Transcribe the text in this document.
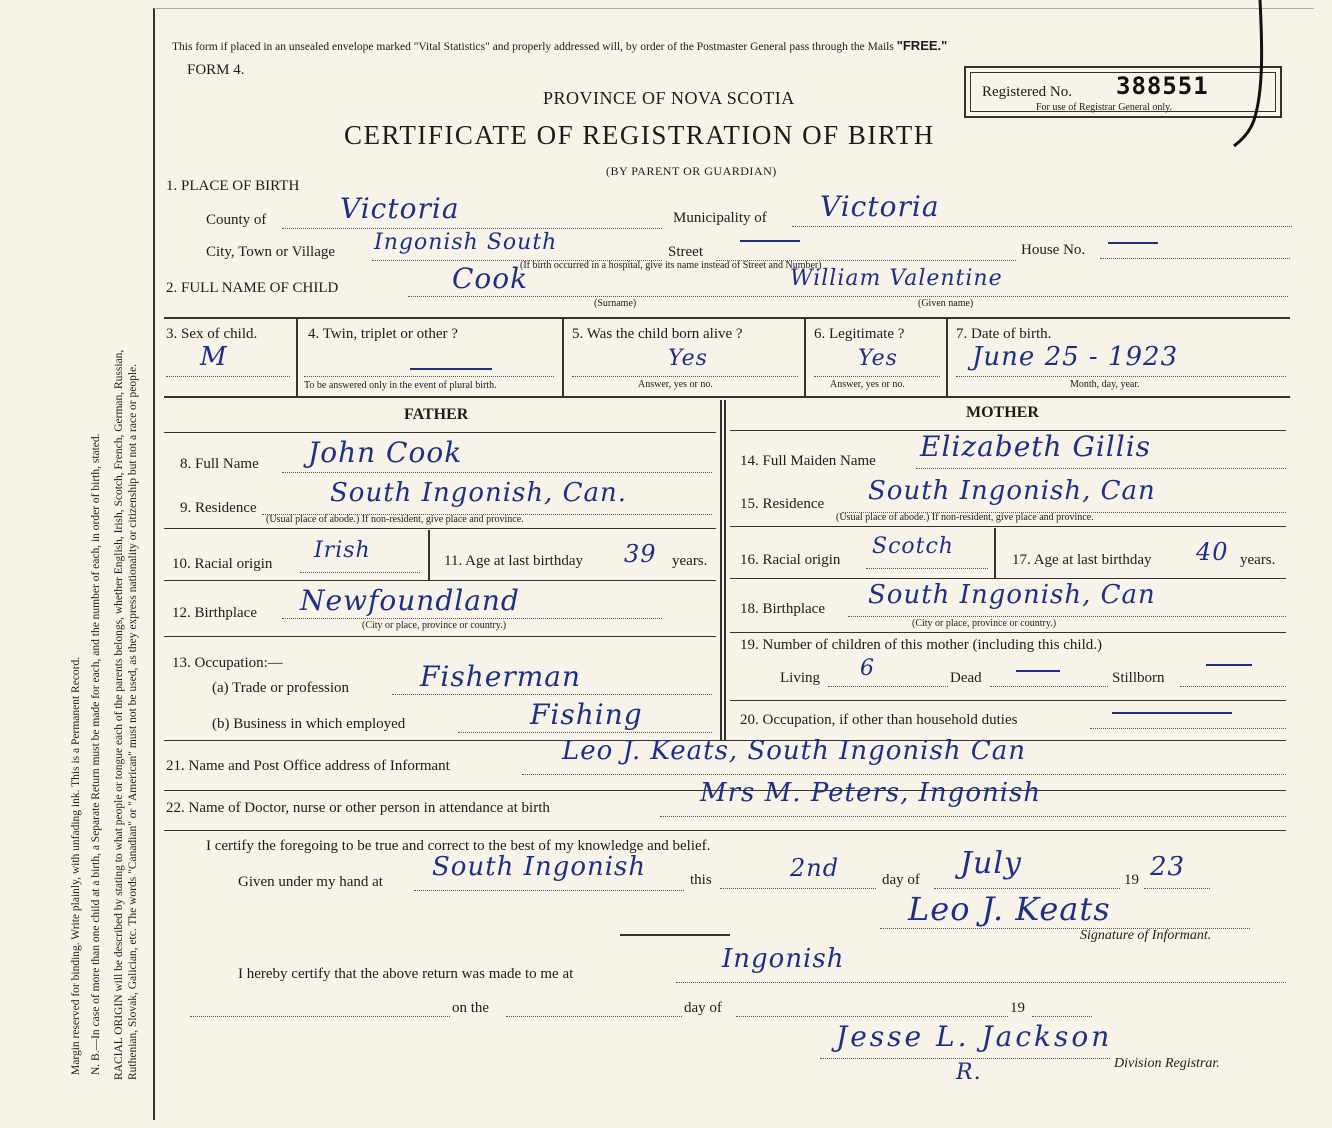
Margin reserved for binding. Write plainly, with unfading ink. This is a Permanent Record. N. B.—In case of more than one child at a birth, a Separate Return must be made for each, and the number of each, in order of birth, stated. RACIAL ORIGIN will be described by stating to what people or tongue each of the parents belongs, whether English, Irish, Scotch, French, German, Russian, Ruthenian, Slovak, Galician, etc. The words "Canadian" or "American" must not be used, as they express nationality or citizenship but not a race or people.
This form if placed in an unsealed envelope marked "Vital Statistics" and properly addressed will, by order of the Postmaster General pass through the Mails "FREE."
FORM 4.
PROVINCE OF NOVA SCOTIA
CERTIFICATE OF REGISTRATION OF BIRTH
(BY PARENT OR GUARDIAN)
Registered No. 388551
For use of Registrar General only.
1. PLACE OF BIRTH
County of	Victoria	Municipality of Victoria
City, Town or Village Ingonish South	Street	House No.
(If birth occurred in a hospital, give its name instead of Street and Number)
2. FULL NAME OF CHILD	Cook
(Surname)
William Valentine
(Given name)
3. Sex of child.
M
4. Twin, triplet or other ?
To be answered only in the event of plural birth.
5. Was the child born alive ?
Yes
Answer, yes or no.
6. Legitimate ?
Yes
Answer, yes or no.
7. Date of birth.
June 25 - 1923
Month, day, year.
FATHER	MOTHER
8. Full Name John Cook
9. Residence	South Ingonish, Can.
(Usual place of abode.) If non-resident, give place and province.
10. Racial origin
Irish	11. Age at last birthday 39 years.
12. Birthplace Newfoundland
(City or place, province or country.)
13. Occupation:—
(a) Trade or profession	Fisherman
(b) Business in which employed	Fishing
14. Full Maiden Name Elizabeth Gillis
15. Residence South Ingonish, Can
(Usual place of abode.) If non-resident, give place and province.
16. Racial origin
Scotch
17. Age at last birthday 40 years.
18. Birthplace South Ingonish, Can
(City or place, province or country.)
19. Number of children of this mother (including this child.)
Living 6	Dead	Stillborn
20. Occupation, if other than household duties
21. Name and Post Office address of Informant	Leo J. Keats, South Ingonish Can
22. Name of Doctor, nurse or other person in attendance at birth	Mrs M. Peters, Ingonish
I certify the foregoing to be true and correct to the best of my knowledge and belief.
Given under my hand at South Ingonish	this	2nd	day of July	19 23
Leo J. Keats
Signature of Informant.
I hereby certify that the above return was made to me at	Ingonish
on the	day of	19
Jesse L. Jackson
R.	Division Registrar.
